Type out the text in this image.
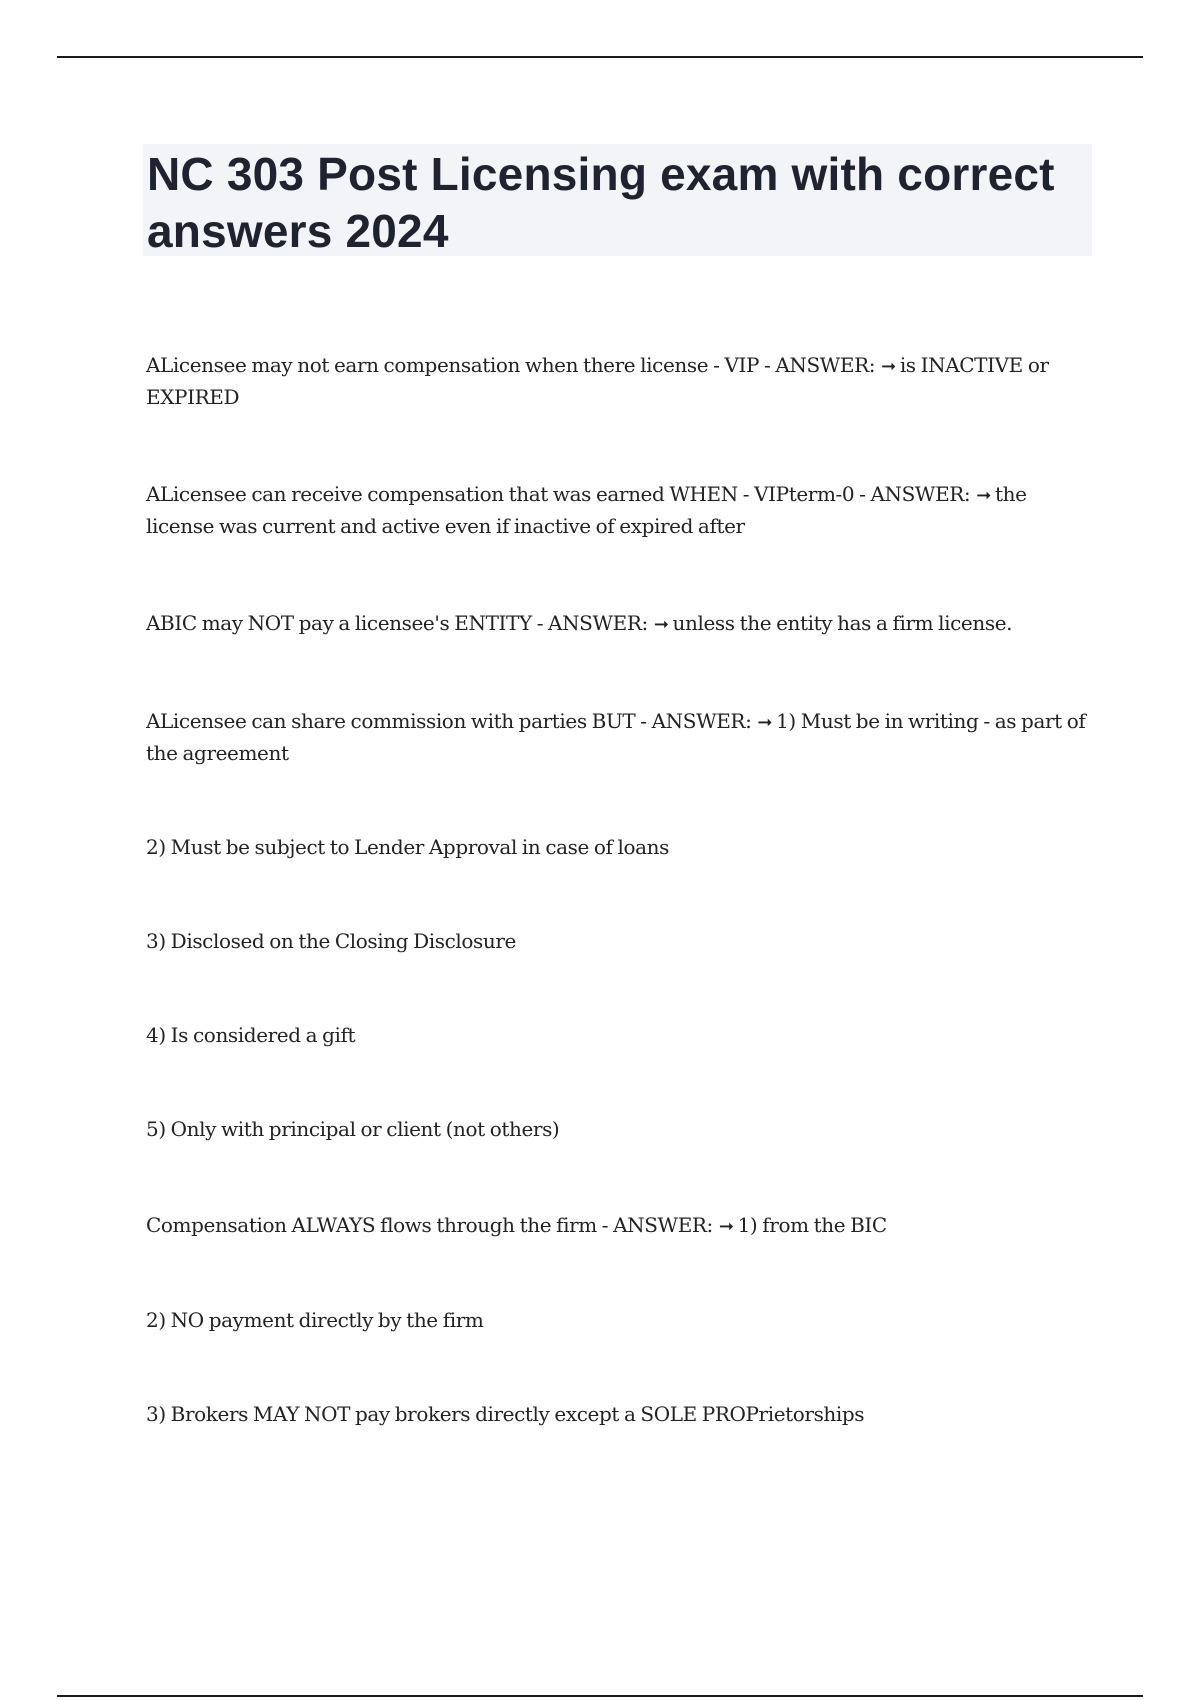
NC 303 Post Licensing exam with correct answers 2024
ALicensee may not earn compensation when there license - VIP - ANSWER: ➞ is INACTIVE or EXPIRED
ALicensee can receive compensation that was earned WHEN - VIPterm-0 - ANSWER: ➞ the license was current and active even if inactive of expired after
ABIC may NOT pay a licensee's ENTITY - ANSWER: ➞ unless the entity has a firm license.
ALicensee can share commission with parties BUT - ANSWER: ➞ 1) Must be in writing - as part of the agreement
2) Must be subject to Lender Approval in case of loans
3) Disclosed on the Closing Disclosure
4) Is considered a gift
5) Only with principal or client (not others)
Compensation ALWAYS flows through the firm - ANSWER: ➞ 1) from the BIC
2) NO payment directly by the firm
3) Brokers MAY NOT pay brokers directly except a SOLE PROPrietorships
